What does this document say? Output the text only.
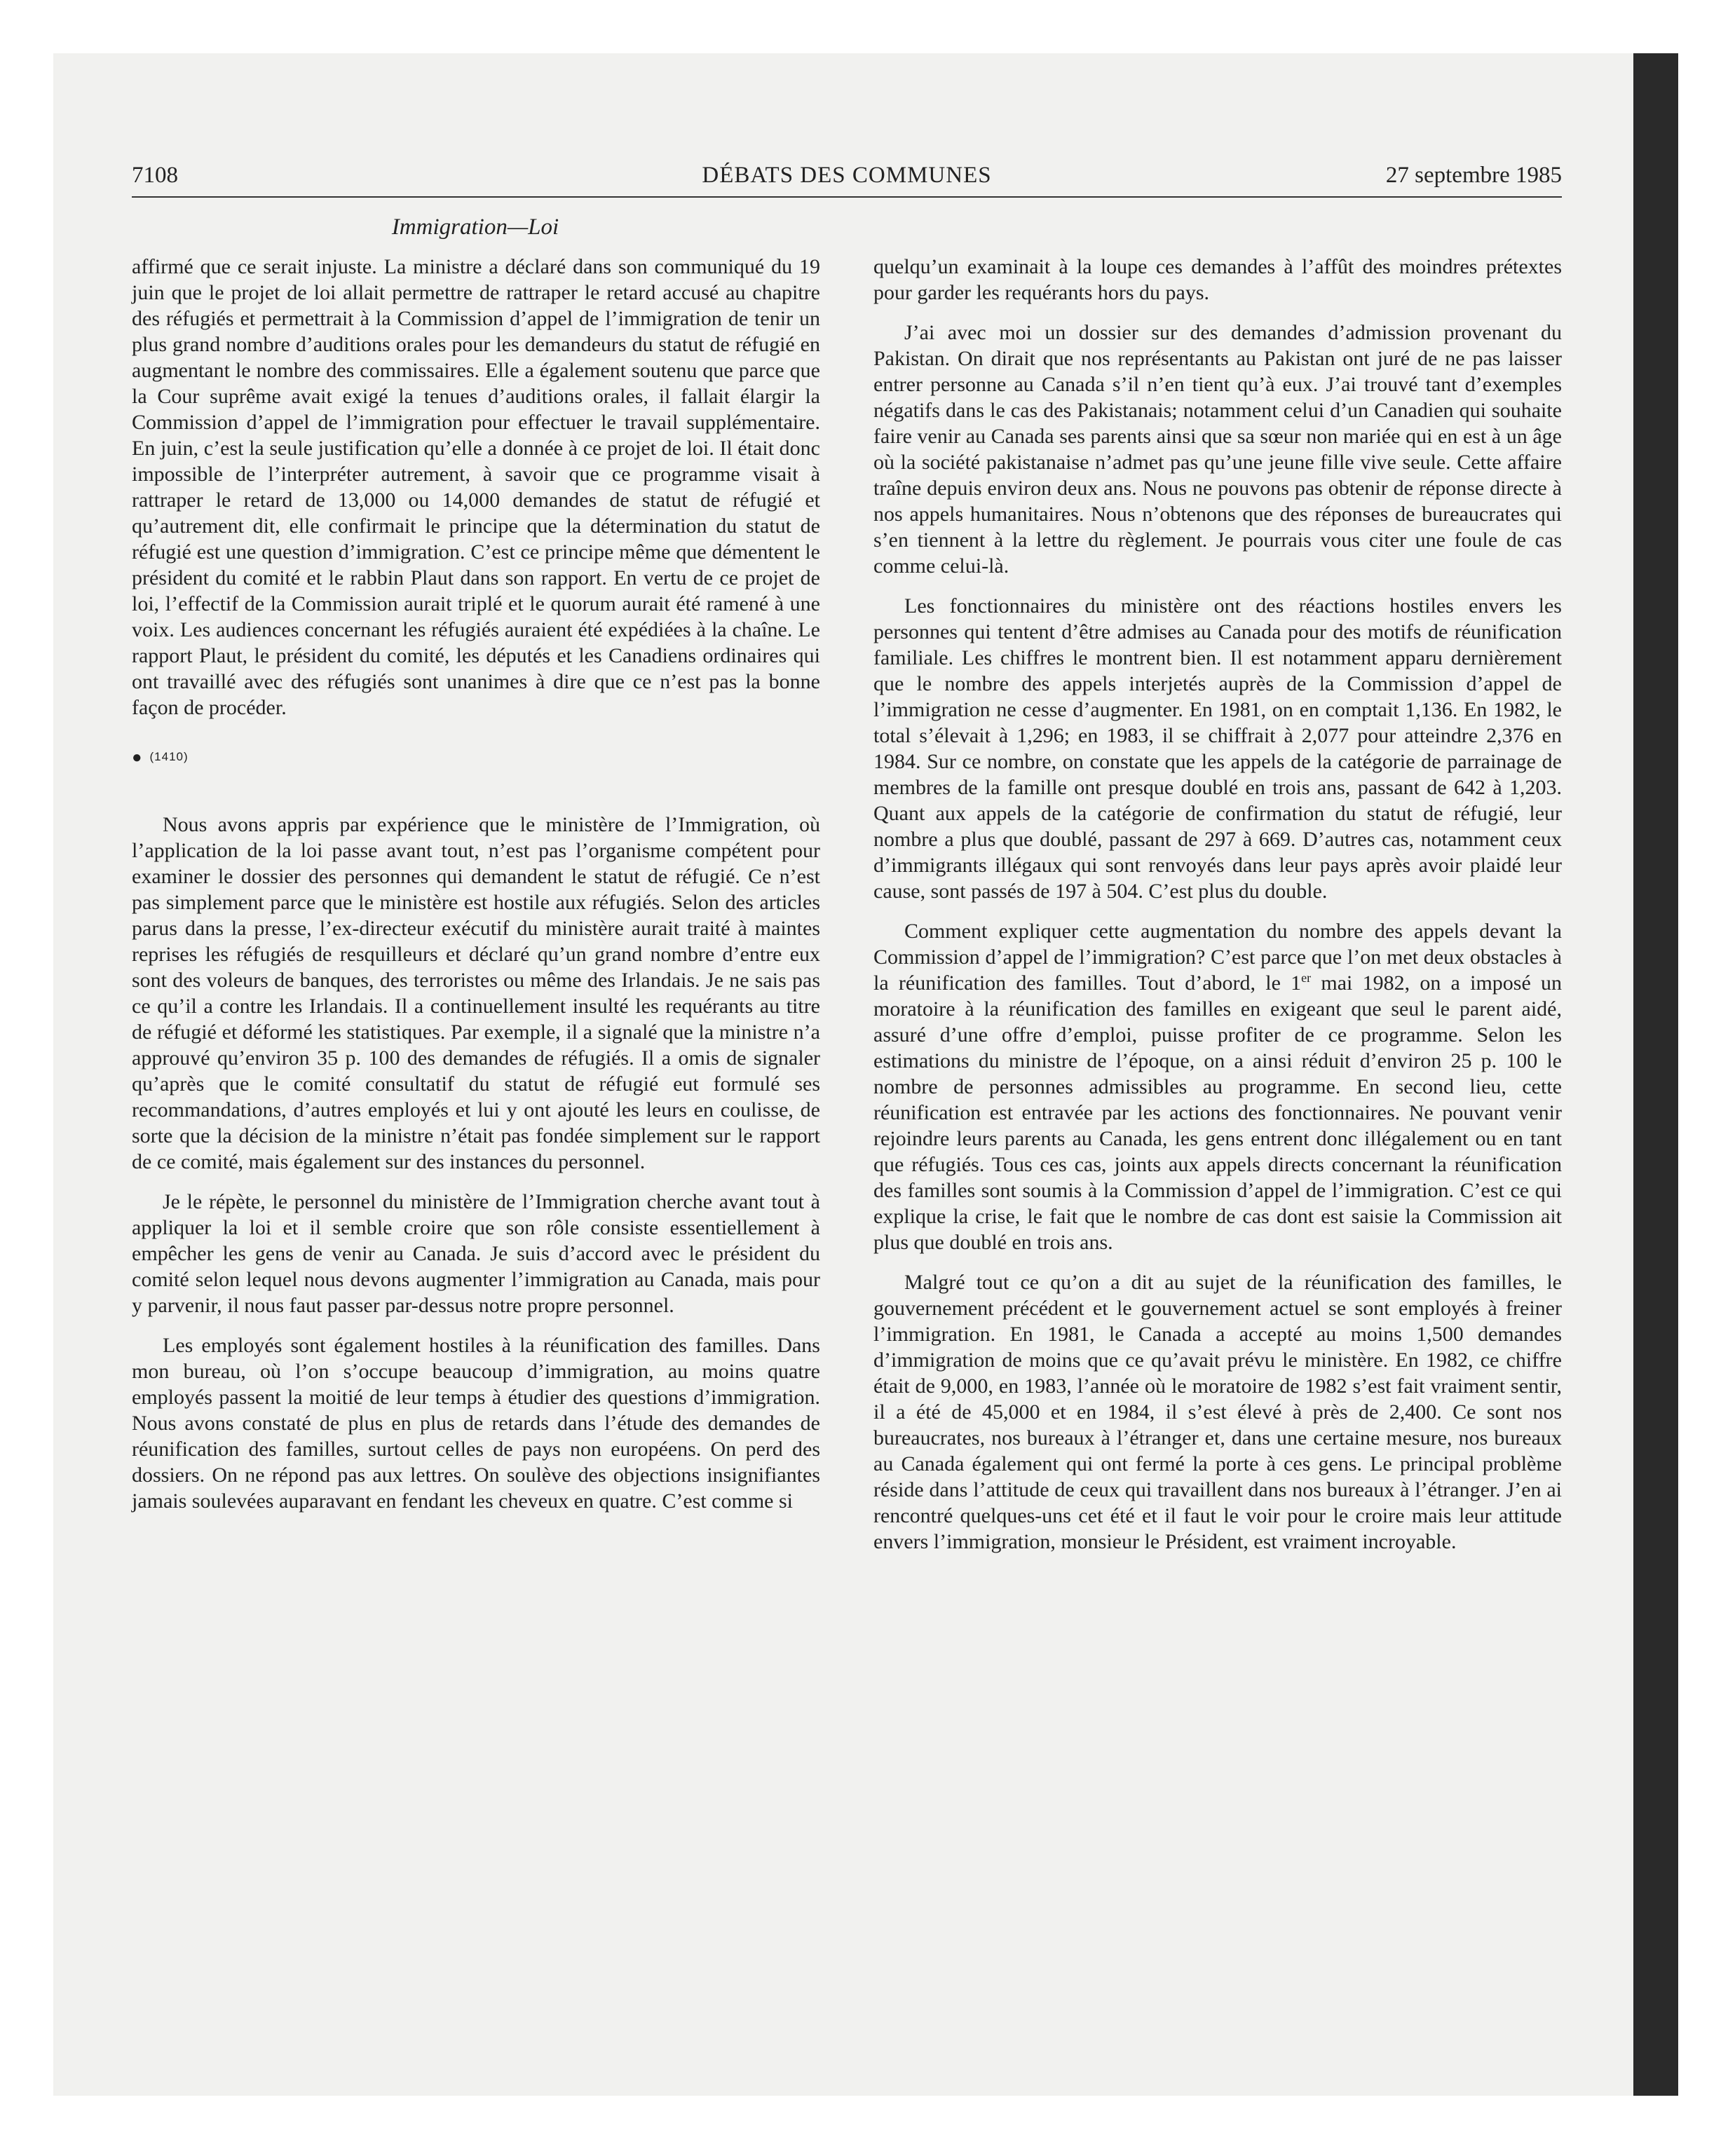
7108	DÉBATS DES COMMUNES	27 septembre 1985
Immigration—Loi

affirmé que ce serait injuste. La ministre a déclaré dans son communiqué du 19 juin que le projet de loi allait permettre de rattraper le retard accusé au chapitre des réfugiés et permettrait à la Commission d’appel de l’immigration de tenir un plus grand nombre d’auditions orales pour les demandeurs du statut de réfugié en augmentant le nombre des commissaires. Elle a également soutenu que parce que la Cour suprême avait exigé la tenues d’auditions orales, il fallait élargir la Commission d’appel de l’immigration pour effectuer le travail supplémentaire. En juin, c’est la seule justification qu’elle a donnée à ce projet de loi. Il était donc impossible de l’interpréter autrement, à savoir que ce programme visait à rattraper le retard de 13,000 ou 14,000 demandes de statut de réfugié et qu’autrement dit, elle confirmait le principe que la détermination du statut de réfugié est une question d’immigration. C’est ce principe même que démentent le président du comité et le rabbin Plaut dans son rapport. En vertu de ce projet de loi, l’effectif de la Commission aurait triplé et le quorum aurait été ramené à une voix. Les audiences concernant les réfugiés auraient été expédiées à la chaîne. Le rapport Plaut, le président du comité, les députés et les Canadiens ordinaires qui ont travaillé avec des réfugiés sont unanimes à dire que ce n’est pas la bonne façon de procéder.

● (1410)

Nous avons appris par expérience que le ministère de l’Immigration, où l’application de la loi passe avant tout, n’est pas l’organisme compétent pour examiner le dossier des personnes qui demandent le statut de réfugié. Ce n’est pas simplement parce que le ministère est hostile aux réfugiés. Selon des articles parus dans la presse, l’ex-directeur exécutif du ministère aurait traité à maintes reprises les réfugiés de resquilleurs et déclaré qu’un grand nombre d’entre eux sont des voleurs de banques, des terroristes ou même des Irlandais. Je ne sais pas ce qu’il a contre les Irlandais. Il a continuellement insulté les requérants au titre de réfugié et déformé les statistiques. Par exemple, il a signalé que la ministre n’a approuvé qu’environ 35 p. 100 des demandes de réfugiés. Il a omis de signaler qu’après que le comité consultatif du statut de réfugié eut formulé ses recommandations, d’autres employés et lui y ont ajouté les leurs en coulisse, de sorte que la décision de la ministre n’était pas fondée simplement sur le rapport de ce comité, mais également sur des instances du personnel.

Je le répète, le personnel du ministère de l’Immigration cherche avant tout à appliquer la loi et il semble croire que son rôle consiste essentiellement à empêcher les gens de venir au Canada. Je suis d’accord avec le président du comité selon lequel nous devons augmenter l’immigration au Canada, mais pour y parvenir, il nous faut passer par-dessus notre propre personnel.

Les employés sont également hostiles à la réunification des familles. Dans mon bureau, où l’on s’occupe beaucoup d’immigration, au moins quatre employés passent la moitié de leur temps à étudier des questions d’immigration. Nous avons constaté de plus en plus de retards dans l’étude des demandes de réunification des familles, surtout celles de pays non européens. On perd des dossiers. On ne répond pas aux lettres. On soulève des objections insignifiantes jamais soulevées auparavant en fendant les cheveux en quatre. C’est comme si

quelqu’un examinait à la loupe ces demandes à l’affût des moindres prétextes pour garder les requérants hors du pays.

J’ai avec moi un dossier sur des demandes d’admission provenant du Pakistan. On dirait que nos représentants au Pakistan ont juré de ne pas laisser entrer personne au Canada s’il n’en tient qu’à eux. J’ai trouvé tant d’exemples négatifs dans le cas des Pakistanais; notamment celui d’un Canadien qui souhaite faire venir au Canada ses parents ainsi que sa sœur non mariée qui en est à un âge où la société pakistanaise n’admet pas qu’une jeune fille vive seule. Cette affaire traîne depuis environ deux ans. Nous ne pouvons pas obtenir de réponse directe à nos appels humanitaires. Nous n’obtenons que des réponses de bureaucrates qui s’en tiennent à la lettre du règlement. Je pourrais vous citer une foule de cas comme celui-là.

Les fonctionnaires du ministère ont des réactions hostiles envers les personnes qui tentent d’être admises au Canada pour des motifs de réunification familiale. Les chiffres le montrent bien. Il est notamment apparu dernièrement que le nombre des appels interjetés auprès de la Commission d’appel de l’immigration ne cesse d’augmenter. En 1981, on en comptait 1,136. En 1982, le total s’élevait à 1,296; en 1983, il se chiffrait à 2,077 pour atteindre 2,376 en 1984. Sur ce nombre, on constate que les appels de la catégorie de parrainage de membres de la famille ont presque doublé en trois ans, passant de 642 à 1,203. Quant aux appels de la catégorie de confirmation du statut de réfugié, leur nombre a plus que doublé, passant de 297 à 669. D’autres cas, notamment ceux d’immigrants illégaux qui sont renvoyés dans leur pays après avoir plaidé leur cause, sont passés de 197 à 504. C’est plus du double.

Comment expliquer cette augmentation du nombre des appels devant la Commission d’appel de l’immigration? C’est parce que l’on met deux obstacles à la réunification des familles. Tout d’abord, le 1er mai 1982, on a imposé un moratoire à la réunification des familles en exigeant que seul le parent aidé, assuré d’une offre d’emploi, puisse profiter de ce programme. Selon les estimations du ministre de l’époque, on a ainsi réduit d’environ 25 p. 100 le nombre de personnes admissibles au programme. En second lieu, cette réunification est entravée par les actions des fonctionnaires. Ne pouvant venir rejoindre leurs parents au Canada, les gens entrent donc illégalement ou en tant que réfugiés. Tous ces cas, joints aux appels directs concernant la réunification des familles sont soumis à la Commission d’appel de l’immigration. C’est ce qui explique la crise, le fait que le nombre de cas dont est saisie la Commission ait plus que doublé en trois ans.

Malgré tout ce qu’on a dit au sujet de la réunification des familles, le gouvernement précédent et le gouvernement actuel se sont employés à freiner l’immigration. En 1981, le Canada a accepté au moins 1,500 demandes d’immigration de moins que ce qu’avait prévu le ministère. En 1982, ce chiffre était de 9,000, en 1983, l’année où le moratoire de 1982 s’est fait vraiment sentir, il a été de 45,000 et en 1984, il s’est élevé à près de 2,400. Ce sont nos bureaucrates, nos bureaux à l’étranger et, dans une certaine mesure, nos bureaux au Canada également qui ont fermé la porte à ces gens. Le principal problème réside dans l’attitude de ceux qui travaillent dans nos bureaux à l’étranger. J’en ai rencontré quelques-uns cet été et il faut le voir pour le croire mais leur attitude envers l’immigration, monsieur le Président, est vraiment incroyable.
